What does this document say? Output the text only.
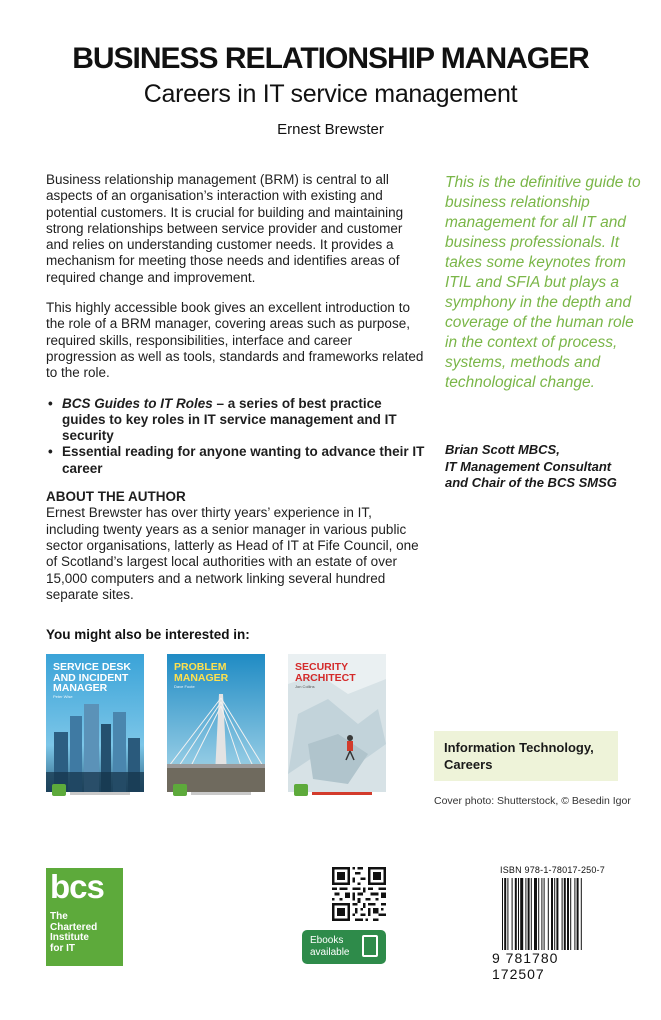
BUSINESS RELATIONSHIP MANAGER
Careers in IT service management
Ernest Brewster

Business relationship management (BRM) is central to all aspects of an organisation’s interaction with existing and potential customers. It is crucial for building and maintaining strong relationships between service provider and customer and relies on understanding customer needs. It provides a mechanism for meeting those needs and identifies areas of required change and improvement.

This highly accessible book gives an excellent introduction to the role of a BRM manager, covering areas such as purpose, required skills, responsibilities, interface and career progression as well as tools, standards and frameworks related to the role.

• BCS Guides to IT Roles – a series of best practice guides to key roles in IT service management and IT security
• Essential reading for anyone wanting to advance their IT career
ABOUT THE AUTHOR
Ernest Brewster has over thirty years’ experience in IT, including twenty years as a senior manager in various public sector organisations, latterly as Head of IT at Fife Council, one of Scotland’s largest local authorities with an estate of over 15,000 computers and a network linking several hundred separate sites.
This is the definitive guide to business relationship management for all IT and business professionals. It takes some keynotes from ITIL and SFIA but plays a symphony in the depth and coverage of the human role in the context of process, systems, methods and technological change.
Brian Scott MBCS,
IT Management Consultant
and Chair of the BCS SMSG
You might also be interested in:
SERVICE DESK AND INCIDENT MANAGER
Peter Wise
PROBLEM MANAGER
Dave Foote
SECURITY ARCHITECT
Jon Collins
Information Technology,
Careers
Cover photo: Shutterstock, © Besedin Igor
bcs
The
Chartered
Institute
for IT
Ebooks
available
ISBN 978-1-78017-250-7
9 781780 172507
